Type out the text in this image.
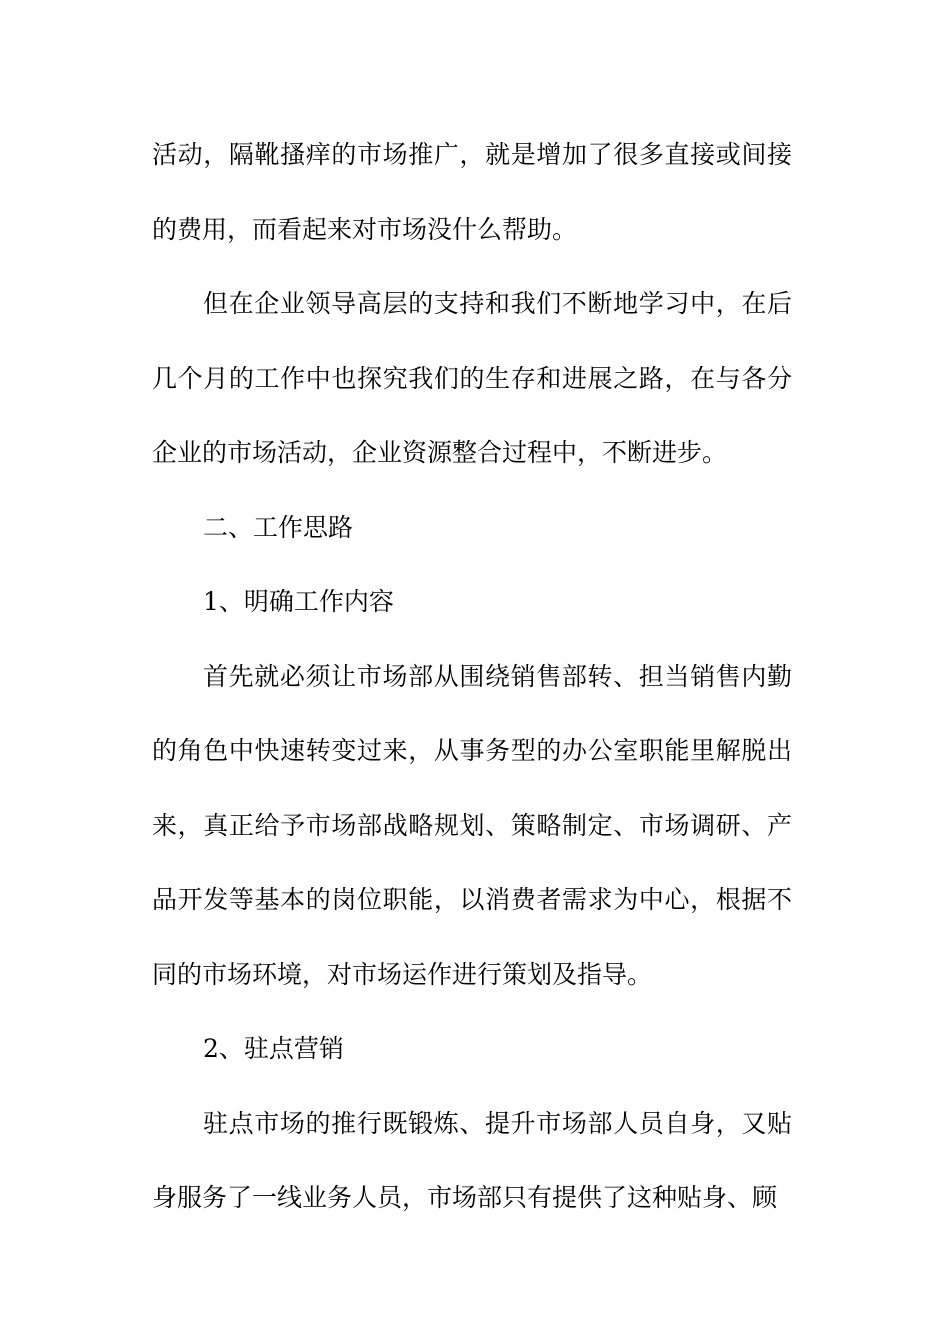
活动，隔靴搔痒的市场推广，就是增加了很多直接或间接的费用，而看起来对市场没什么帮助。

但在企业领导高层的支持和我们不断地学习中，在后几个月的工作中也探究我们的生存和进展之路，在与各分企业的市场活动，企业资源整合过程中，不断进步。

二、工作思路

1、明确工作内容

首先就必须让市场部从围绕销售部转、担当销售内勤的角色中快速转变过来，从事务型的办公室职能里解脱出来，真正给予市场部战略规划、策略制定、市场调研、产品开发等基本的岗位职能，以消费者需求为中心，根据不同的市场环境，对市场运作进行策划及指导。

2、驻点营销

驻点市场的推行既锻炼、提升市场部人员自身，又贴身服务了一线业务人员，市场部只有提供了这种贴身、顾
